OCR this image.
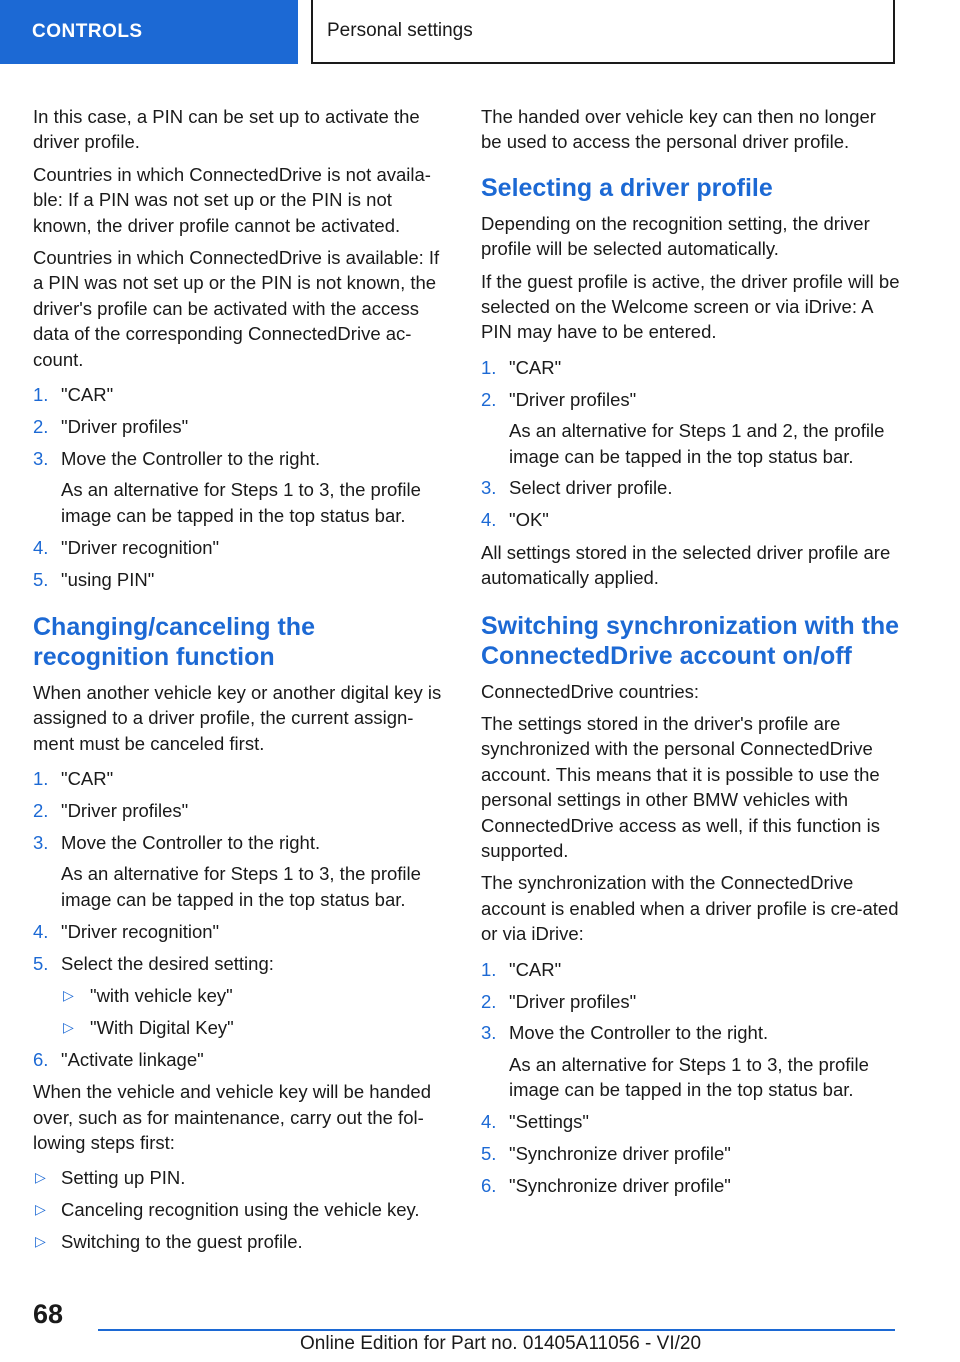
CONTROLS	Personal settings

In this case, a PIN can be set up to activate the driver profile.

Countries in which ConnectedDrive is not availa-ble: If a PIN was not set up or the PIN is not known, the driver profile cannot be activated.

Countries in which ConnectedDrive is available: If a PIN was not set up or the PIN is not known, the driver's profile can be activated with the access data of the corresponding ConnectedDrive ac-count.

1. "CAR"
2. "Driver profiles"
3. Move the Controller to the right.
As an alternative for Steps 1 to 3, the profile image can be tapped in the top status bar.
4. "Driver recognition"
5. "using PIN"
Changing/canceling the recognition function

When another vehicle key or another digital key is assigned to a driver profile, the current assign-ment must be canceled first.

1. "CAR"
2. "Driver profiles"
3. Move the Controller to the right.
As an alternative for Steps 1 to 3, the profile image can be tapped in the top status bar.
4. "Driver recognition"
5. Select the desired setting:
▷ "with vehicle key"
▷ "With Digital Key"
6. "Activate linkage"

When the vehicle and vehicle key will be handed over, such as for maintenance, carry out the fol-lowing steps first:

▷ Setting up PIN.
▷ Canceling recognition using the vehicle key.
▷ Switching to the guest profile.

The handed over vehicle key can then no longer be used to access the personal driver profile.

Selecting a driver profile

Depending on the recognition setting, the driver profile will be selected automatically.

If the guest profile is active, the driver profile will be selected on the Welcome screen or via iDrive: A PIN may have to be entered.

1. "CAR"
2. "Driver profiles"
As an alternative for Steps 1 and 2, the profile image can be tapped in the top status bar.
3. Select driver profile.
4. "OK"

All settings stored in the selected driver profile are automatically applied.

Switching synchronization with the ConnectedDrive account on/off

ConnectedDrive countries:

The settings stored in the driver's profile are synchronized with the personal ConnectedDrive account. This means that it is possible to use the personal settings in other BMW vehicles with ConnectedDrive access as well, if this function is supported.

The synchronization with the ConnectedDrive account is enabled when a driver profile is cre-ated or via iDrive:

1. "CAR"
2. "Driver profiles"
3. Move the Controller to the right.
As an alternative for Steps 1 to 3, the profile image can be tapped in the top status bar.
4. "Settings"
5. "Synchronize driver profile"
6. "Synchronize driver profile"
68
Online Edition for Part no. 01405A11056 - VI/20
